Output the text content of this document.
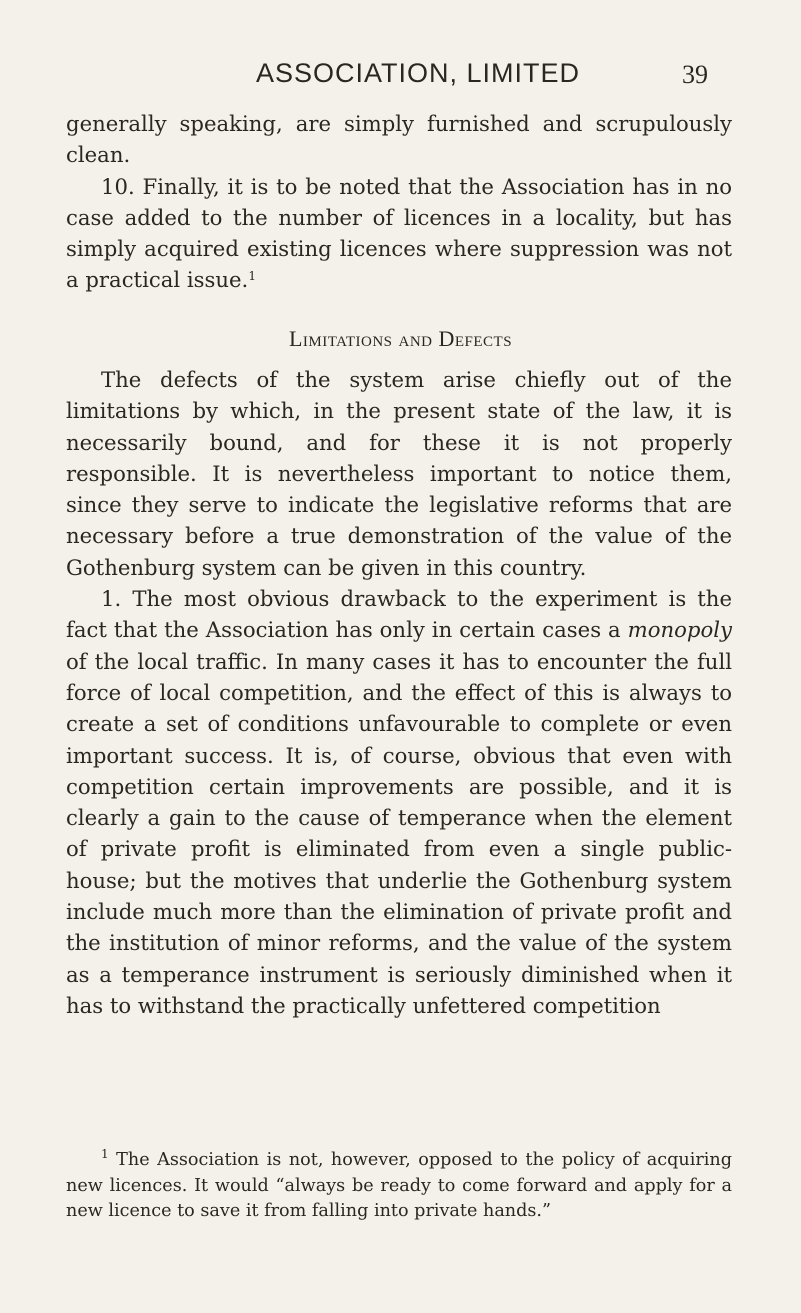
ASSOCIATION, LIMITED	39

generally speaking, are simply furnished and scrupulously clean.

10. Finally, it is to be noted that the Association has in no case added to the number of licences in a locality, but has simply acquired existing licences where suppression was not a practical issue.$^1$

Limitations and Defects

The defects of the system arise chiefly out of the limitations by which, in the present state of the law, it is necessarily bound, and for these it is not properly responsible. It is nevertheless important to notice them, since they serve to indicate the legislative reforms that are necessary before a true demonstration of the value of the Gothenburg system can be given in this country.

1. The most obvious drawback to the experiment is the fact that the Association has only in certain cases a monopoly of the local traffic. In many cases it has to encounter the full force of local competition, and the effect of this is always to create a set of conditions unfavourable to complete or even important success. It is, of course, obvious that even with competition certain improvements are possible, and it is clearly a gain to the cause of temperance when the element of private profit is eliminated from even a single public-house; but the motives that underlie the Gothenburg system include much more than the elimination of private profit and the institution of minor reforms, and the value of the system as a temperance instrument is seriously diminished when it has to withstand the practically unfettered competition

$^1$ The Association is not, however, opposed to the policy of acquiring new licences. It would “always be ready to come forward and apply for a new licence to save it from falling into private hands.”
